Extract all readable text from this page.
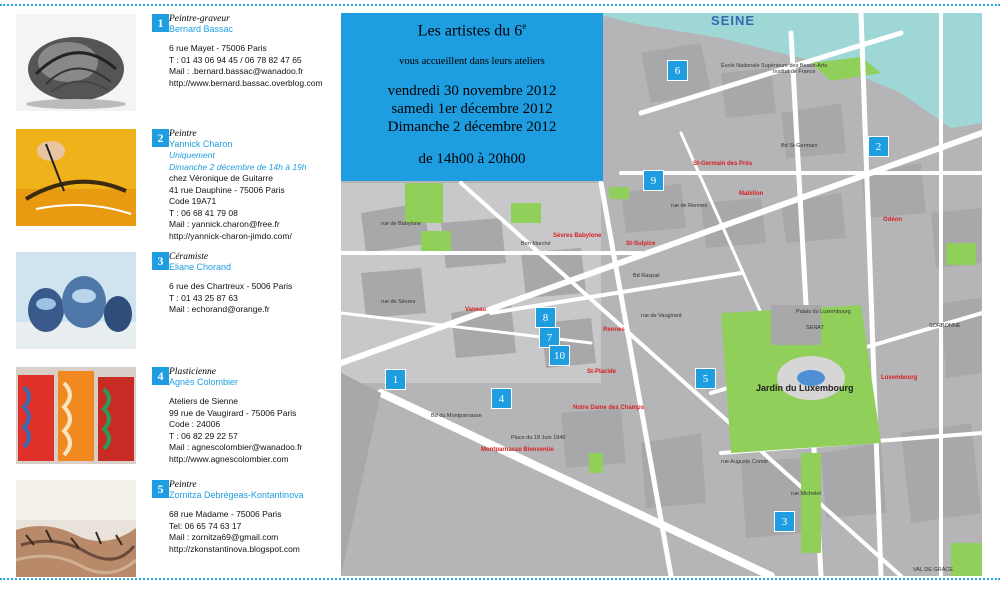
1 Peintre-graveur
Bernard Bassac
6 rue Mayet - 75006 Paris
T : 01 43 06 94 45 / 06 78 82 47 65
Mail : .bernard.bassac@wanadoo.fr
http://www.bernard.bassac.overblog.com
2 Peintre
Yannick Charon
Uniquement
Dimanche 2 décembre de 14h à 19h
chez Véronique de Guitarre
41 rue Dauphine - 75006 Paris
Code 19A71
T : 06 68 41 79 08
Mail : yannick.charon@free.fr
http://yannick-charon-jimdo.com/
3 Céramiste
Eliane Chorand
6 rue des Chartreux - 5006 Paris
T : 01 43 25 87 63
Mail : echorand@orange.fr
4 Plasticienne
Agnès Colombier
Ateliers de Sienne
99 rue de Vaugirard - 75006 Paris
Code : 24006
T : 06 82 29 22 57
Mail : agnescolombier@wanadoo.fr
http://www.agnescolombier.com
5 Peintre
Zornitza Debrégeas-Kontantinova
68 rue Madame - 75006 Paris
Tel: 06 65 74 63 17
Mail : zornitza69@gmail.com
http://zkonstantinova.blogspot.com
SEINE
Jardin du Luxembourg
Palais du Luxembourg
SENAT	SORBONNE
St-Germain des Prés
St-Sulpice
Mabillon
Sèvres Babylone
Rennes
Vaneau
Notre Dame des Champs
St-Placide
Montparnasse Bienvenüe
Odéon
Luxembourg
Bon Marché
École Nationale Supérieure des Beaux-Arts
Institut de France
Place du 18 Juin 1940
VAL DE GRÂCE
Bd du Montparnasse
Bd Raspail
Bd St-Germain
rue de Vaugirard
rue de Sèvres
rue de Rennes
rue de Babylone
rue Auguste Comte
rue Michelet
1
2
3
4
5
6
7
8
9
10
Les artistes du 6e
vous accueillent dans leurs ateliers
vendredi 30 novembre 2012
samedi 1er décembre 2012
Dimanche 2 décembre 2012
de 14h00 à 20h00
